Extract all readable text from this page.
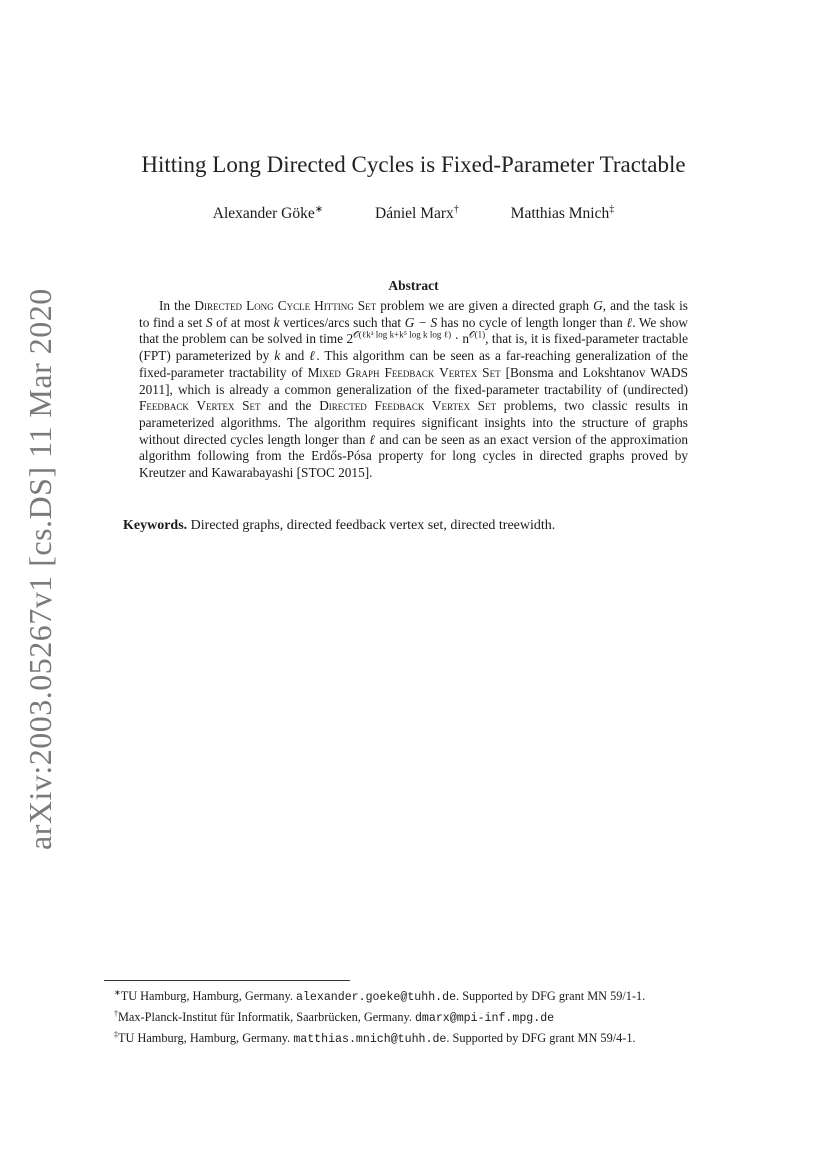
arXiv:2003.05267v1 [cs.DS] 11 Mar 2020
Hitting Long Directed Cycles is Fixed-Parameter Tractable
Alexander Göke∗	Dániel Marx†	Matthias Mnich‡
Abstract
In the Directed Long Cycle Hitting Set problem we are given a directed graph G, and the task is to find a set S of at most k vertices/arcs such that G − S has no cycle of length longer than ℓ. We show that the problem can be solved in time $2^{𝒪(\ell k^3 log k+k^5 log k log \ell)} \cdot n^{𝒪(1)}$, that is, it is fixed-parameter tractable (FPT) parameterized by k and ℓ. This algorithm can be seen as a far-reaching generalization of the fixed-parameter tractability of Mixed Graph Feedback Vertex Set [Bonsma and Lokshtanov WADS 2011], which is already a common generalization of the fixed-parameter tractability of (undirected) Feedback Vertex Set and the Directed Feedback Vertex Set problems, two classic results in parameterized algorithms. The algorithm requires significant insights into the structure of graphs without directed cycles length longer than ℓ and can be seen as an exact version of the approximation algorithm following from the Erdős-Pósa property for long cycles in directed graphs proved by Kreutzer and Kawarabayashi [STOC 2015].
Keywords. Directed graphs, directed feedback vertex set, directed treewidth.
∗TU Hamburg, Hamburg, Germany. alexander.goeke@tuhh.de. Supported by DFG grant MN 59/1-1.
†Max-Planck-Institut für Informatik, Saarbrücken, Germany. dmarx@mpi-inf.mpg.de
‡TU Hamburg, Hamburg, Germany. matthias.mnich@tuhh.de. Supported by DFG grant MN 59/4-1.
